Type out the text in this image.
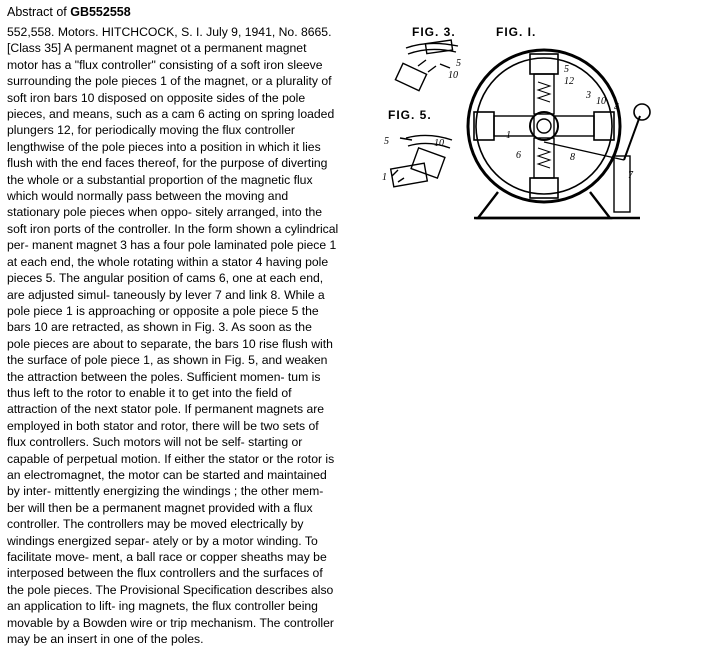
Abstract of GB552558
552,558. Motors. HITCHCOCK, S. I. July 9, 1941, No. 8665.
[Class 35] A permanent magnet ot a permanent magnet
motor has a "flux controller" consisting of a soft iron sleeve
surrounding the pole pieces 1 of the magnet, or a plurality of
soft iron bars 10 disposed on opposite sides of the pole
pieces, and means, such as a cam 6 acting on spring loaded
plungers 12, for periodically moving the flux controller
lengthwise of the pole pieces into a position in which it lies
flush with the end faces thereof, for the purpose of diverting
the whole or a substantial proportion of the magnetic flux
which would normally pass between the moving and
stationary pole pieces when oppo- sitely arranged, into the
soft iron ports of the controller. In the form shown a cylindrical
per- manent magnet 3 has a four pole laminated pole piece 1
at each end, the whole rotating within a stator 4 having pole
pieces 5. The angular position of cams 6, one at each end,
are adjusted simul- taneously by lever 7 and link 8. While a
pole piece 1 is approaching or opposite a pole piece 5 the
bars 10 are retracted, as shown in Fig. 3. As soon as the
pole pieces are about to separate, the bars 10 rise flush with
the surface of pole piece 1, as shown in Fig. 5, and weaken
the attraction between the poles. Sufficient momen- tum is
thus left to the rotor to enable it to get into the field of
attraction of the next stator pole. If permanent magnets are
employed in both stator and rotor, there will be two sets of
flux controllers. Such motors will not be self- starting or
capable of perpetual motion. If either the stator or the rotor is
an electromagnet, the motor can be started and maintained
by inter- mittently energizing the windings ; the other mem-
ber will then be a permanent magnet provided with a flux
controller. The controllers may be moved electrically by
windings energized separ- ately or by a motor winding. To
facilitate move- ment, a ball race or copper sheaths may be
interposed between the flux controllers and the surfaces of
the pole pieces. The Provisional Specification describes also
an application to lift- ing magnets, the flux controller being
movable by a Bowden wire or trip mechanism. The controller
may be an insert in one of the poles.
FIG. 3.	FIG. I.
FIG. 5.
5
10
5	10
1
12
3
10
4
1
6	8
7
5
